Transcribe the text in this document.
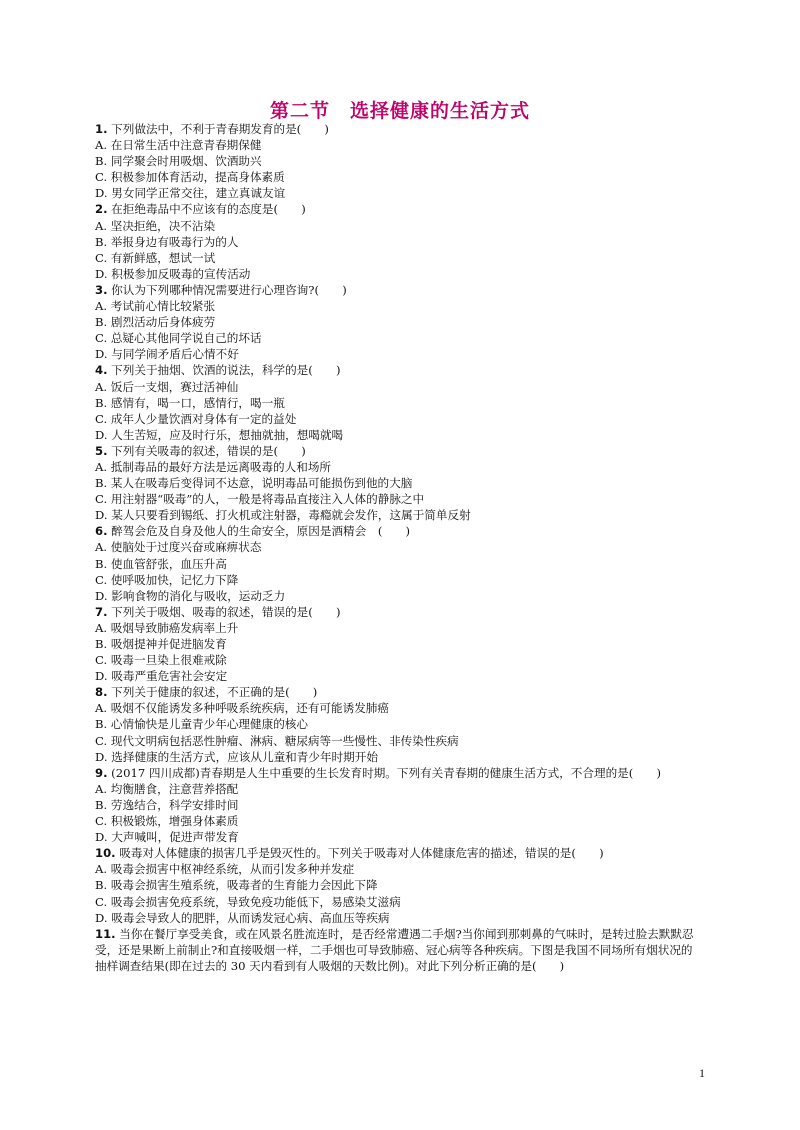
第二节　选择健康的生活方式

1. 下列做法中，不利于青春期发育的是(　　)

A. 在日常生活中注意青春期保健

B. 同学聚会时用吸烟、饮酒助兴

C. 积极参加体育活动，提高身体素质

D. 男女同学正常交往，建立真诚友谊

2. 在拒绝毒品中不应该有的态度是(　　)

A. 坚决拒绝，决不沾染

B. 举报身边有吸毒行为的人

C. 有新鲜感，想试一试

D. 积极参加反吸毒的宣传活动

3. 你认为下列哪种情况需要进行心理咨询?(　　)

A. 考试前心情比较紧张

B. 剧烈活动后身体疲劳

C. 总疑心其他同学说自己的坏话

D. 与同学闹矛盾后心情不好

4. 下列关于抽烟、饮酒的说法，科学的是(　　)

A. 饭后一支烟，赛过活神仙

B. 感情有，喝一口，感情行，喝一瓶

C. 成年人少量饮酒对身体有一定的益处

D. 人生苦短，应及时行乐，想抽就抽，想喝就喝

5. 下列有关吸毒的叙述，错误的是(　　)

A. 抵制毒品的最好方法是远离吸毒的人和场所

B. 某人在吸毒后变得词不达意，说明毒品可能损伤到他的大脑

C. 用注射器“吸毒”的人，一般是将毒品直接注入人体的静脉之中

D. 某人只要看到锡纸、打火机或注射器，毒瘾就会发作，这属于简单反射

6. 醉驾会危及自身及他人的生命安全，原因是酒精会　(　　)

A. 使脑处于过度兴奋或麻痹状态

B. 使血管舒张，血压升高

C. 使呼吸加快，记忆力下降

D. 影响食物的消化与吸收，运动乏力

7. 下列关于吸烟、吸毒的叙述，错误的是(　　)

A. 吸烟导致肺癌发病率上升

B. 吸烟提神并促进脑发育

C. 吸毒一旦染上很难戒除

D. 吸毒严重危害社会安定

8. 下列关于健康的叙述，不正确的是(　　)

A. 吸烟不仅能诱发多种呼吸系统疾病，还有可能诱发肺癌

B. 心情愉快是儿童青少年心理健康的核心

C. 现代文明病包括恶性肿瘤、淋病、糖尿病等一些慢性、非传染性疾病

D. 选择健康的生活方式，应该从儿童和青少年时期开始

9. (2017 四川成都)青春期是人生中重要的生长发育时期。下列有关青春期的健康生活方式，不合理的是(　　)

A. 均衡膳食，注意营养搭配

B. 劳逸结合，科学安排时间

C. 积极锻炼，增强身体素质

D. 大声喊叫，促进声带发育

10. 吸毒对人体健康的损害几乎是毁灭性的。下列关于吸毒对人体健康危害的描述，错误的是(　　)

A. 吸毒会损害中枢神经系统，从而引发多种并发症

B. 吸毒会损害生殖系统，吸毒者的生育能力会因此下降

C. 吸毒会损害免疫系统，导致免疫功能低下，易感染艾滋病

D. 吸毒会导致人的肥胖，从而诱发冠心病、高血压等疾病

11. 当你在餐厅享受美食，或在风景名胜流连时，是否经常遭遇二手烟?当你闻到那刺鼻的气味时，是转过脸去默默忍受，还是果断上前制止?和直接吸烟一样，二手烟也可导致肺癌、冠心病等各种疾病。下图是我国不同场所有烟状况的抽样调查结果(即在过去的 30 天内看到有人吸烟的天数比例)。对此下列分析正确的是(　　)

1
